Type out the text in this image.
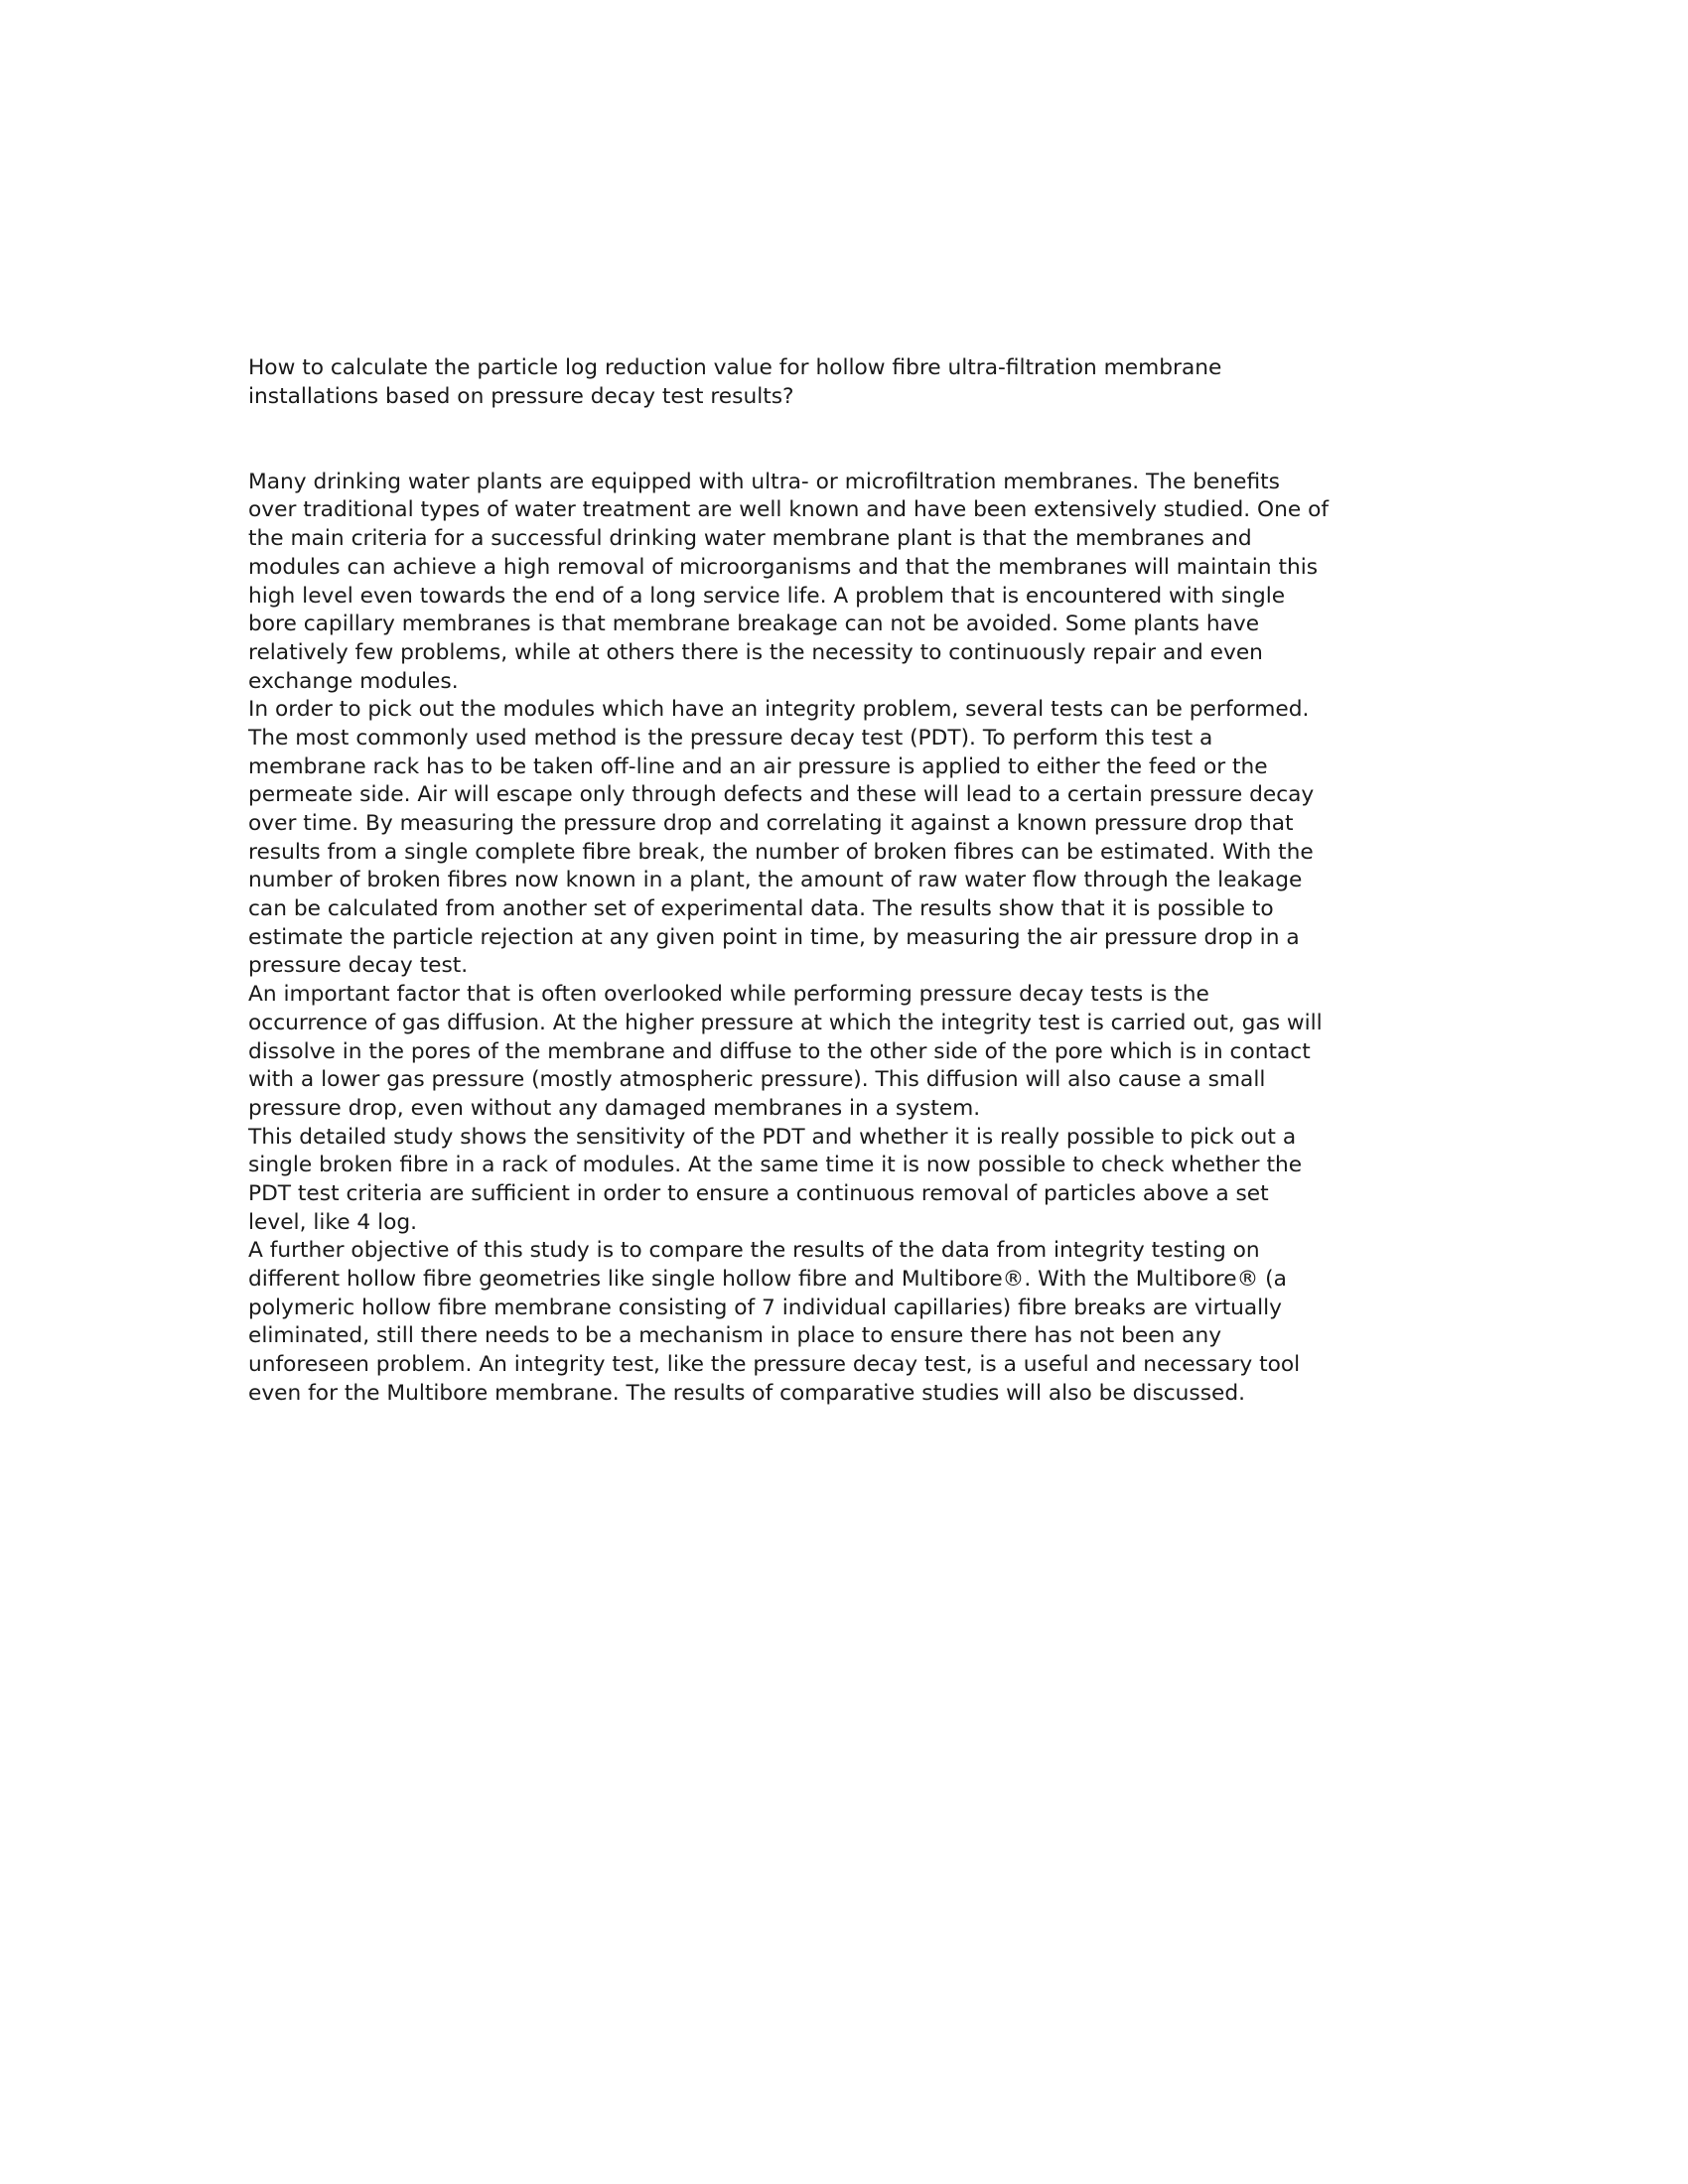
How to calculate the particle log reduction value for hollow fibre ultra-filtration membrane
installations based on pressure decay test results?
Many drinking water plants are equipped with ultra- or microfiltration membranes. The benefits
over traditional types of water treatment are well known and have been extensively studied. One of
the main criteria for a successful drinking water membrane plant is that the membranes and
modules can achieve a high removal of microorganisms and that the membranes will maintain this
high level even towards the end of a long service life. A problem that is encountered with single
bore capillary membranes is that membrane breakage can not be avoided. Some plants have
relatively few problems, while at others there is the necessity to continuously repair and even
exchange modules.
In order to pick out the modules which have an integrity problem, several tests can be performed.
The most commonly used method is the pressure decay test (PDT). To perform this test a
membrane rack has to be taken off-line and an air pressure is applied to either the feed or the
permeate side. Air will escape only through defects and these will lead to a certain pressure decay
over time. By measuring the pressure drop and correlating it against a known pressure drop that
results from a single complete fibre break, the number of broken fibres can be estimated. With the
number of broken fibres now known in a plant, the amount of raw water flow through the leakage
can be calculated from another set of experimental data. The results show that it is possible to
estimate the particle rejection at any given point in time, by measuring the air pressure drop in a
pressure decay test.
An important factor that is often overlooked while performing pressure decay tests is the
occurrence of gas diffusion. At the higher pressure at which the integrity test is carried out, gas will
dissolve in the pores of the membrane and diffuse to the other side of the pore which is in contact
with a lower gas pressure (mostly atmospheric pressure). This diffusion will also cause a small
pressure drop, even without any damaged membranes in a system.
This detailed study shows the sensitivity of the PDT and whether it is really possible to pick out a
single broken fibre in a rack of modules. At the same time it is now possible to check whether the
PDT test criteria are sufficient in order to ensure a continuous removal of particles above a set
level, like 4 log.
A further objective of this study is to compare the results of the data from integrity testing on
different hollow fibre geometries like single hollow fibre and Multibore®. With the Multibore® (a
polymeric hollow fibre membrane consisting of 7 individual capillaries) fibre breaks are virtually
eliminated, still there needs to be a mechanism in place to ensure there has not been any
unforeseen problem. An integrity test, like the pressure decay test, is a useful and necessary tool
even for the Multibore membrane. The results of comparative studies will also be discussed.
